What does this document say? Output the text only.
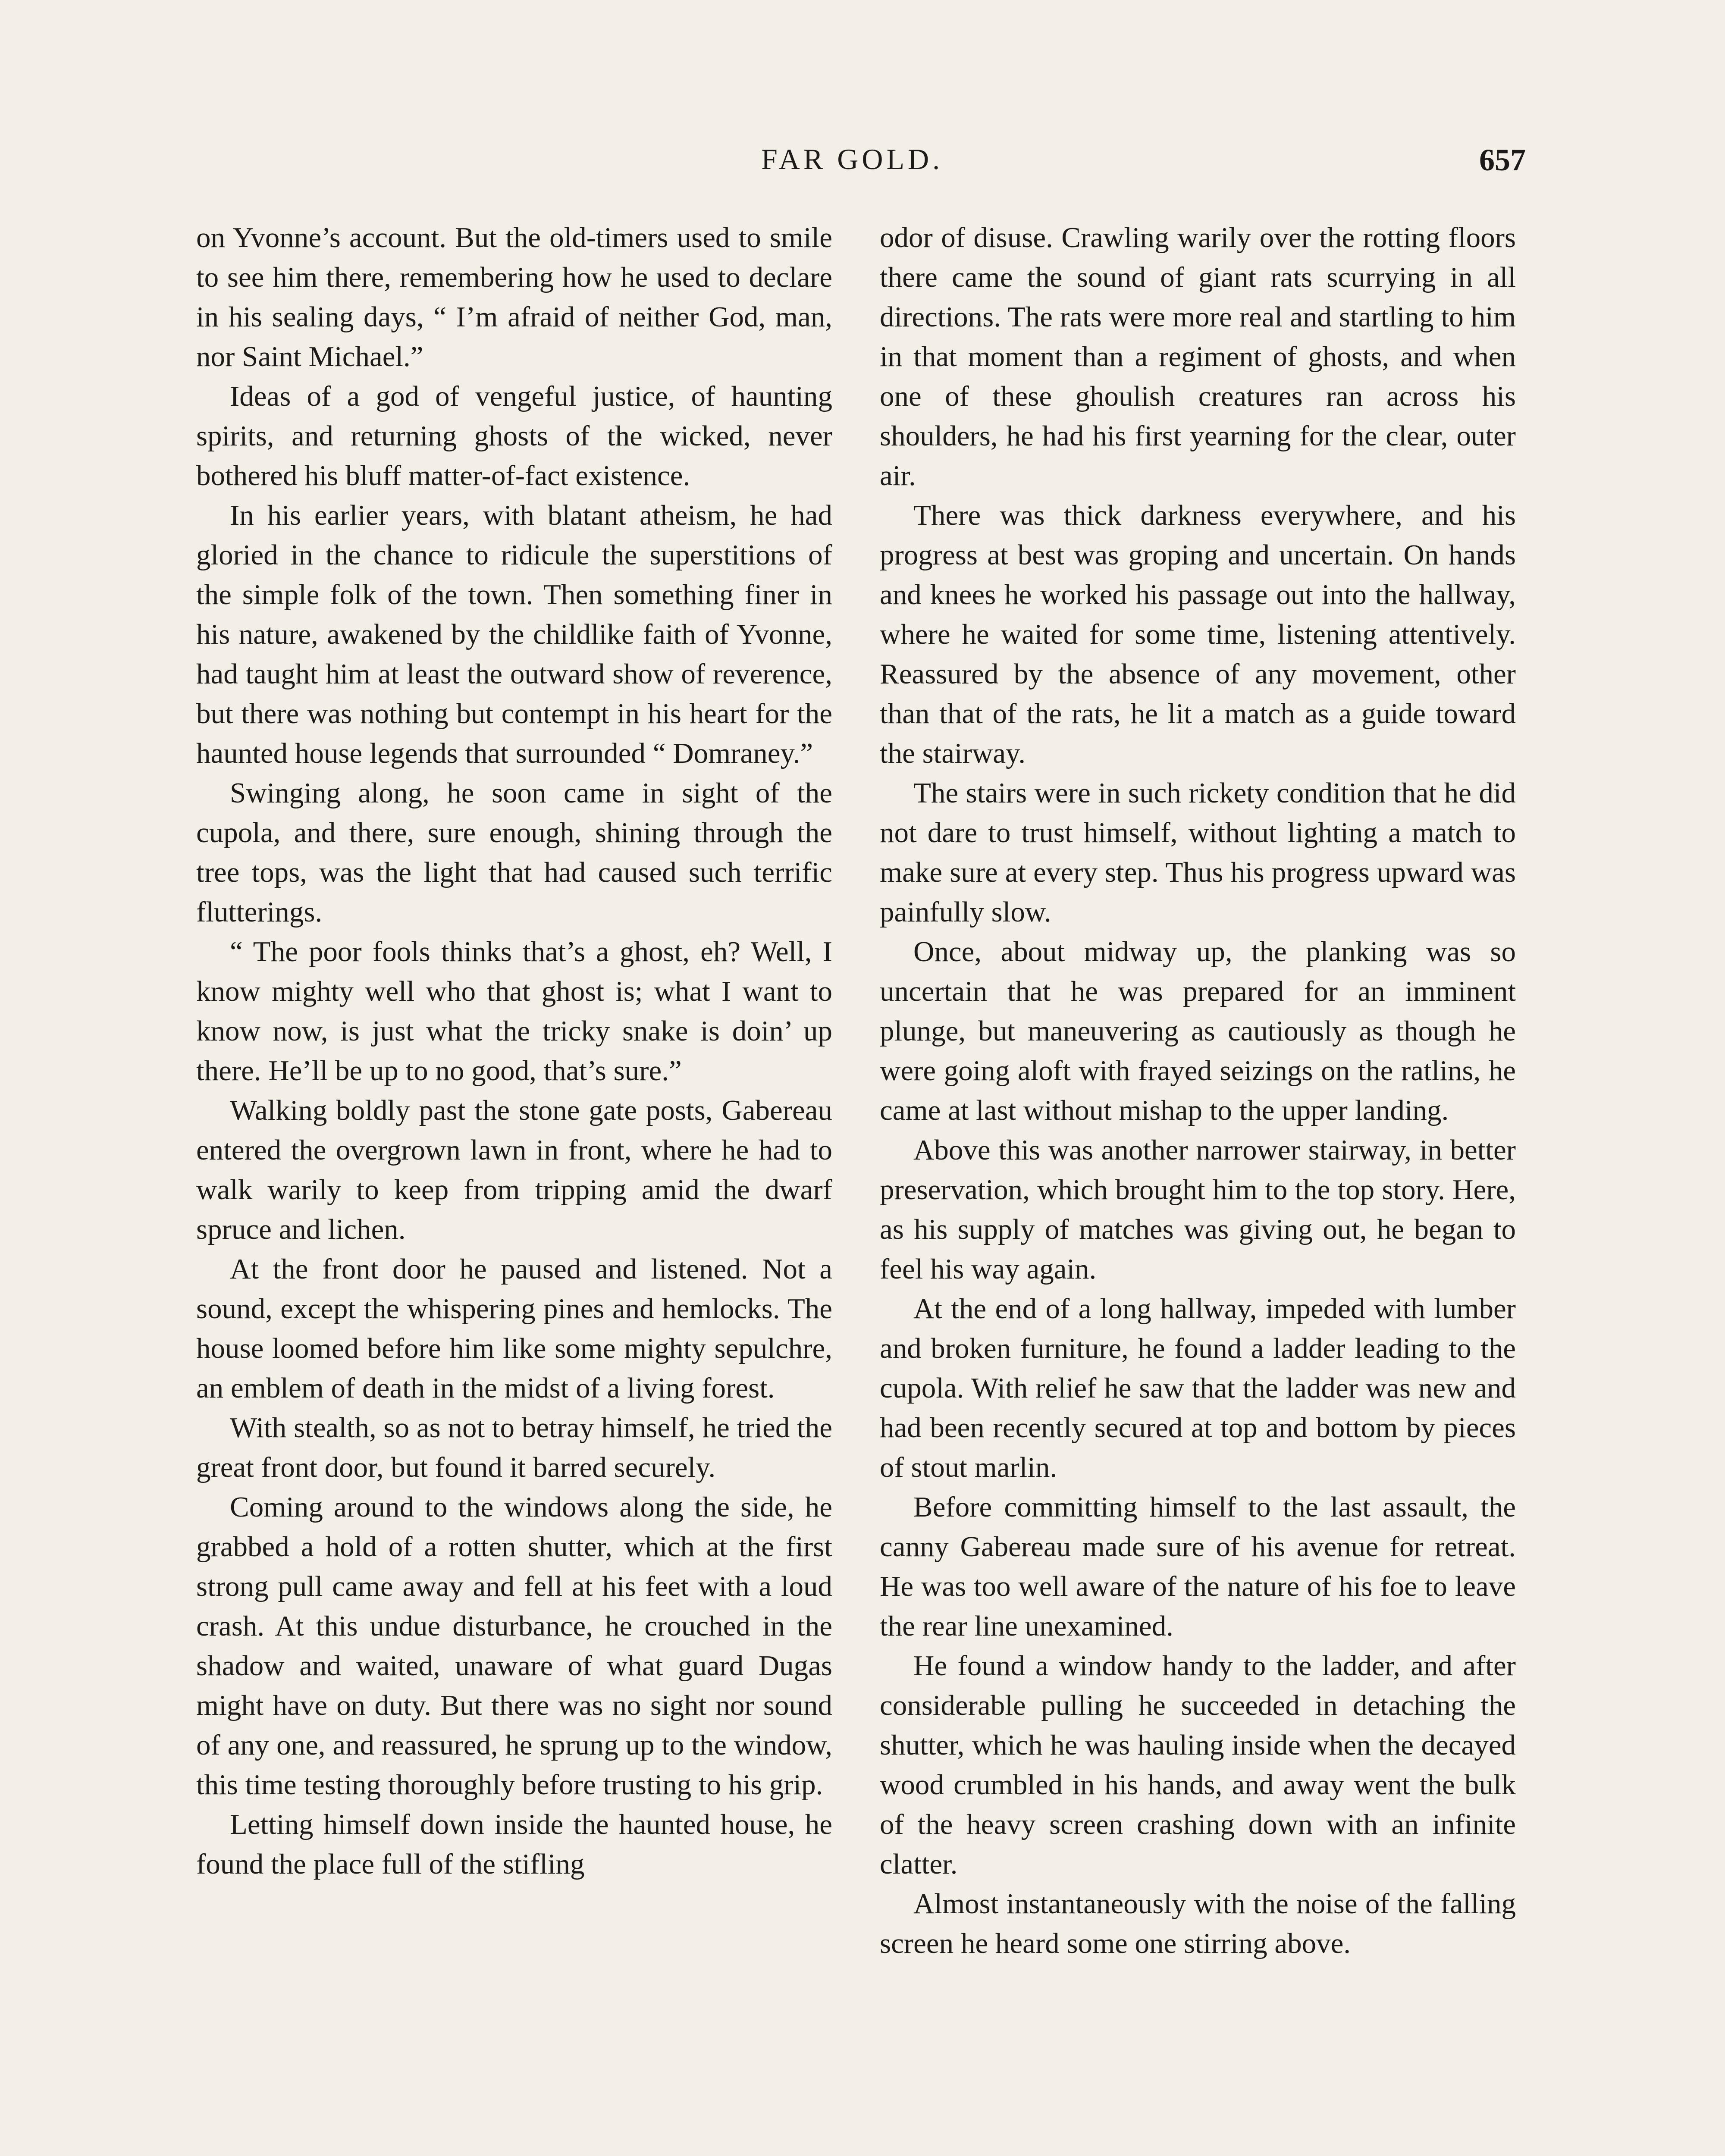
FAR GOLD.	657

on Yvonne’s account. But the old-timers used to smile to see him there, remembering how he used to declare in his sealing days, “ I’m afraid of neither God, man, nor Saint Michael.”

Ideas of a god of vengeful justice, of haunting spirits, and returning ghosts of the wicked, never bothered his bluff matter-of-fact existence.

In his earlier years, with blatant atheism, he had gloried in the chance to ridicule the superstitions of the simple folk of the town. Then something finer in his nature, awakened by the childlike faith of Yvonne, had taught him at least the outward show of reverence, but there was nothing but contempt in his heart for the haunted house legends that surrounded “ Domraney.”

Swinging along, he soon came in sight of the cupola, and there, sure enough, shining through the tree tops, was the light that had caused such terrific flutterings.

“ The poor fools thinks that’s a ghost, eh? Well, I know mighty well who that ghost is; what I want to know now, is just what the tricky snake is doin’ up there. He’ll be up to no good, that’s sure.”

Walking boldly past the stone gate posts, Gabereau entered the overgrown lawn in front, where he had to walk warily to keep from tripping amid the dwarf spruce and lichen.

At the front door he paused and listened. Not a sound, except the whispering pines and hemlocks. The house loomed before him like some mighty sepulchre, an emblem of death in the midst of a living forest.

With stealth, so as not to betray himself, he tried the great front door, but found it barred securely.

Coming around to the windows along the side, he grabbed a hold of a rotten shutter, which at the first strong pull came away and fell at his feet with a loud crash. At this undue disturbance, he crouched in the shadow and waited, unaware of what guard Dugas might have on duty. But there was no sight nor sound of any one, and reassured, he sprung up to the window, this time testing thoroughly before trusting to his grip.

Letting himself down inside the haunted house, he found the place full of the stifling

odor of disuse. Crawling warily over the rotting floors there came the sound of giant rats scurrying in all directions. The rats were more real and startling to him in that moment than a regiment of ghosts, and when one of these ghoulish creatures ran across his shoulders, he had his first yearning for the clear, outer air.

There was thick darkness everywhere, and his progress at best was groping and uncertain. On hands and knees he worked his passage out into the hallway, where he waited for some time, listening attentively. Reassured by the absence of any movement, other than that of the rats, he lit a match as a guide toward the stairway.

The stairs were in such rickety condition that he did not dare to trust himself, without lighting a match to make sure at every step. Thus his progress upward was painfully slow.

Once, about midway up, the planking was so uncertain that he was prepared for an imminent plunge, but maneuvering as cautiously as though he were going aloft with frayed seizings on the ratlins, he came at last without mishap to the upper landing.

Above this was another narrower stairway, in better preservation, which brought him to the top story. Here, as his supply of matches was giving out, he began to feel his way again.

At the end of a long hallway, impeded with lumber and broken furniture, he found a ladder leading to the cupola. With relief he saw that the ladder was new and had been recently secured at top and bottom by pieces of stout marlin.

Before committing himself to the last assault, the canny Gabereau made sure of his avenue for retreat. He was too well aware of the nature of his foe to leave the rear line unexamined.

He found a window handy to the ladder, and after considerable pulling he succeeded in detaching the shutter, which he was hauling inside when the decayed wood crumbled in his hands, and away went the bulk of the heavy screen crashing down with an infinite clatter.

Almost instantaneously with the noise of the falling screen he heard some one stirring above.
